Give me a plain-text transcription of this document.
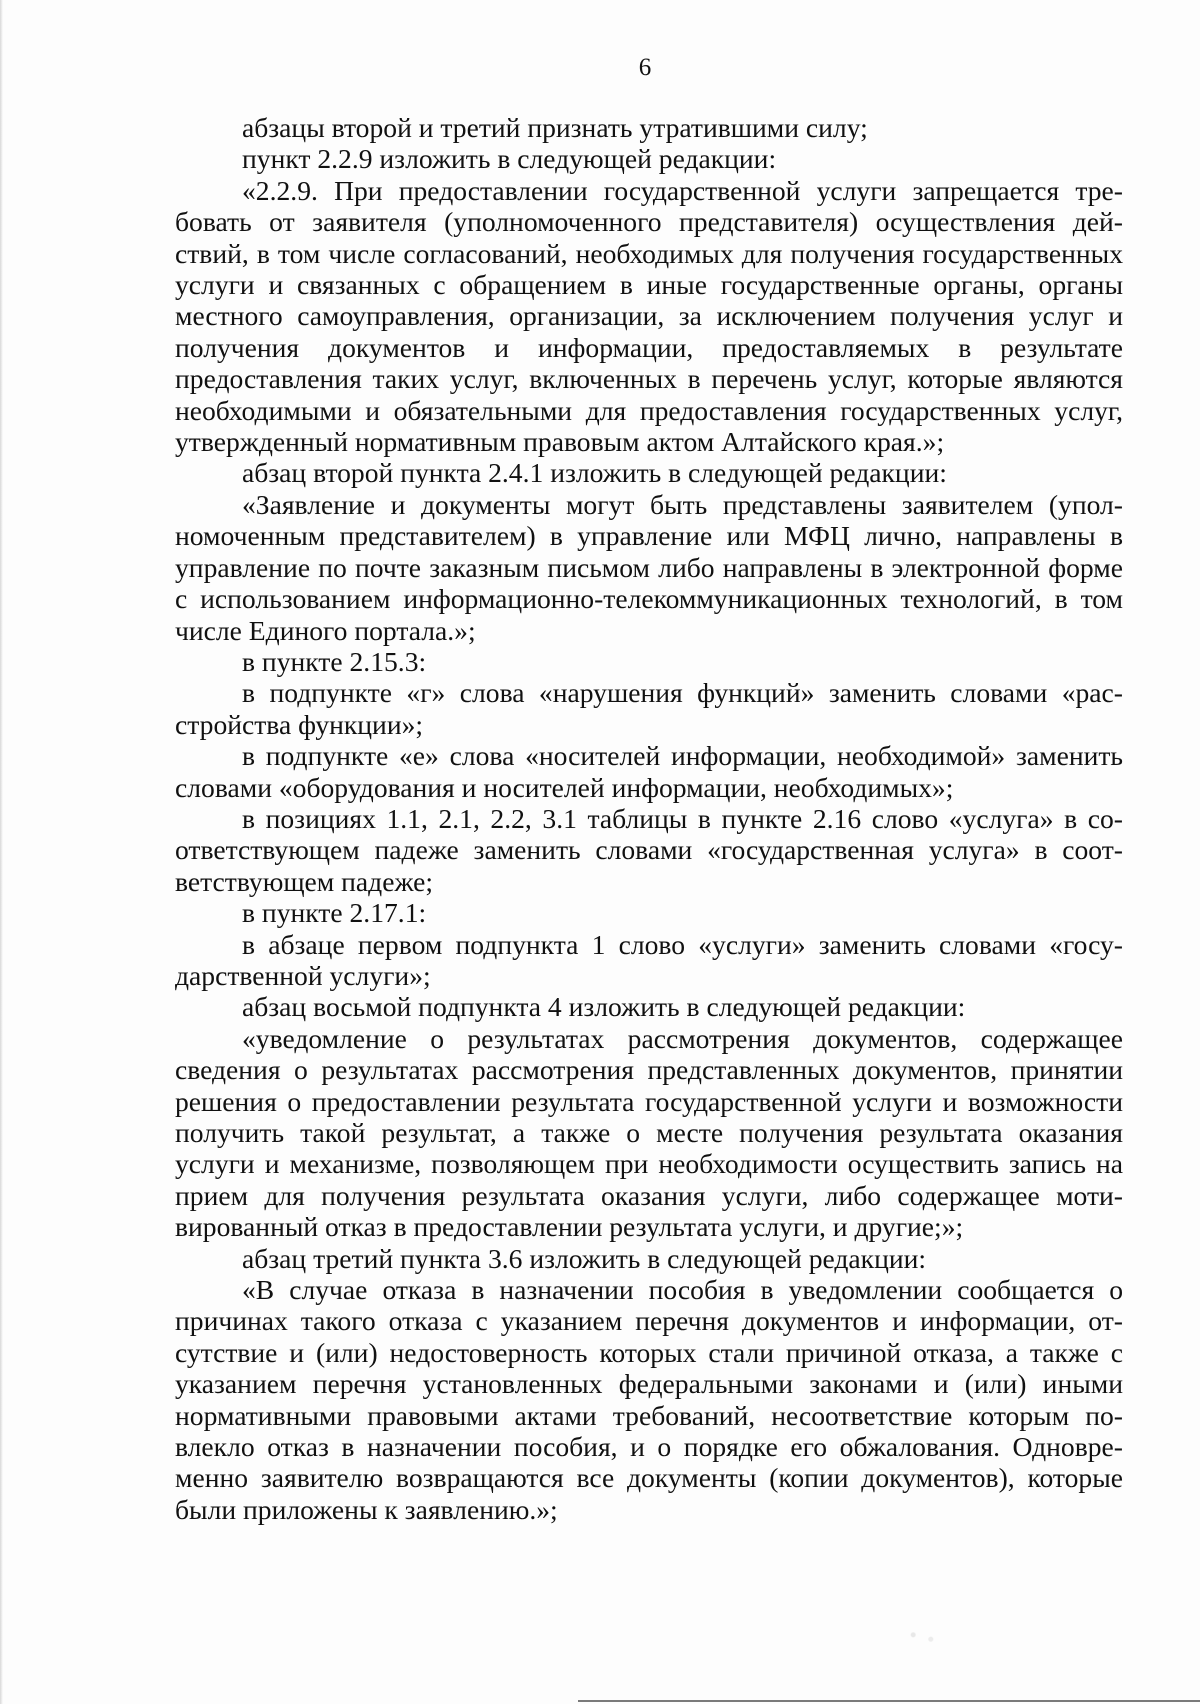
6

абзацы второй и третий признать утратившими силу;

пункт 2.2.9 изложить в следующей редакции:

«2.2.9. При предоставлении государственной услуги запрещается требовать от заявителя (уполномоченного представителя) осуществления действий, в том числе согласований, необходимых для получения государственных услуги и связанных с обращением в иные государственные органы, органы местного самоуправления, организации, за исключением получения услуг и получения документов и информации, предоставляемых в результате предоставления таких услуг, включенных в перечень услуг, которые являются необходимыми и обязательными для предоставления государственных услуг, утвержденный нормативным правовым актом Алтайского края.»;

абзац второй пункта 2.4.1 изложить в следующей редакции:

«Заявление и документы могут быть представлены заявителем (уполномоченным представителем) в управление или МФЦ лично, направлены в управление по почте заказным письмом либо направлены в электронной форме с использованием информационно-телекоммуникационных технологий, в том числе Единого портала.»;

в пункте 2.15.3:

в подпункте «г» слова «нарушения функций» заменить словами «расстройства функции»;

в подпункте «е» слова «носителей информации, необходимой» заменить словами «оборудования и носителей информации, необходимых»;

в позициях 1.1, 2.1, 2.2, 3.1 таблицы в пункте 2.16 слово «услуга» в соответствующем падеже заменить словами «государственная услуга» в соответствующем падеже;

в пункте 2.17.1:

в абзаце первом подпункта 1 слово «услуги» заменить словами «государственной услуги»;

абзац восьмой подпункта 4 изложить в следующей редакции:

«уведомление о результатах рассмотрения документов, содержащее сведения о результатах рассмотрения представленных документов, принятии решения о предоставлении результата государственной услуги и возможности получить такой результат, а также о месте получения результата оказания услуги и механизме, позволяющем при необходимости осуществить запись на прием для получения результата оказания услуги, либо содержащее мотивированный отказ в предоставлении результата услуги, и другие;»;

абзац третий пункта 3.6 изложить в следующей редакции:

«В случае отказа в назначении пособия в уведомлении сообщается о причинах такого отказа с указанием перечня документов и информации, отсутствие и (или) недостоверность которых стали причиной отказа, а также с указанием перечня установленных федеральными законами и (или) иными нормативными правовыми актами требований, несоответствие которым повлекло отказ в назначении пособия, и о порядке его обжалования. Одновременно заявителю возвращаются все документы (копии документов), которые были приложены к заявлению.»;
